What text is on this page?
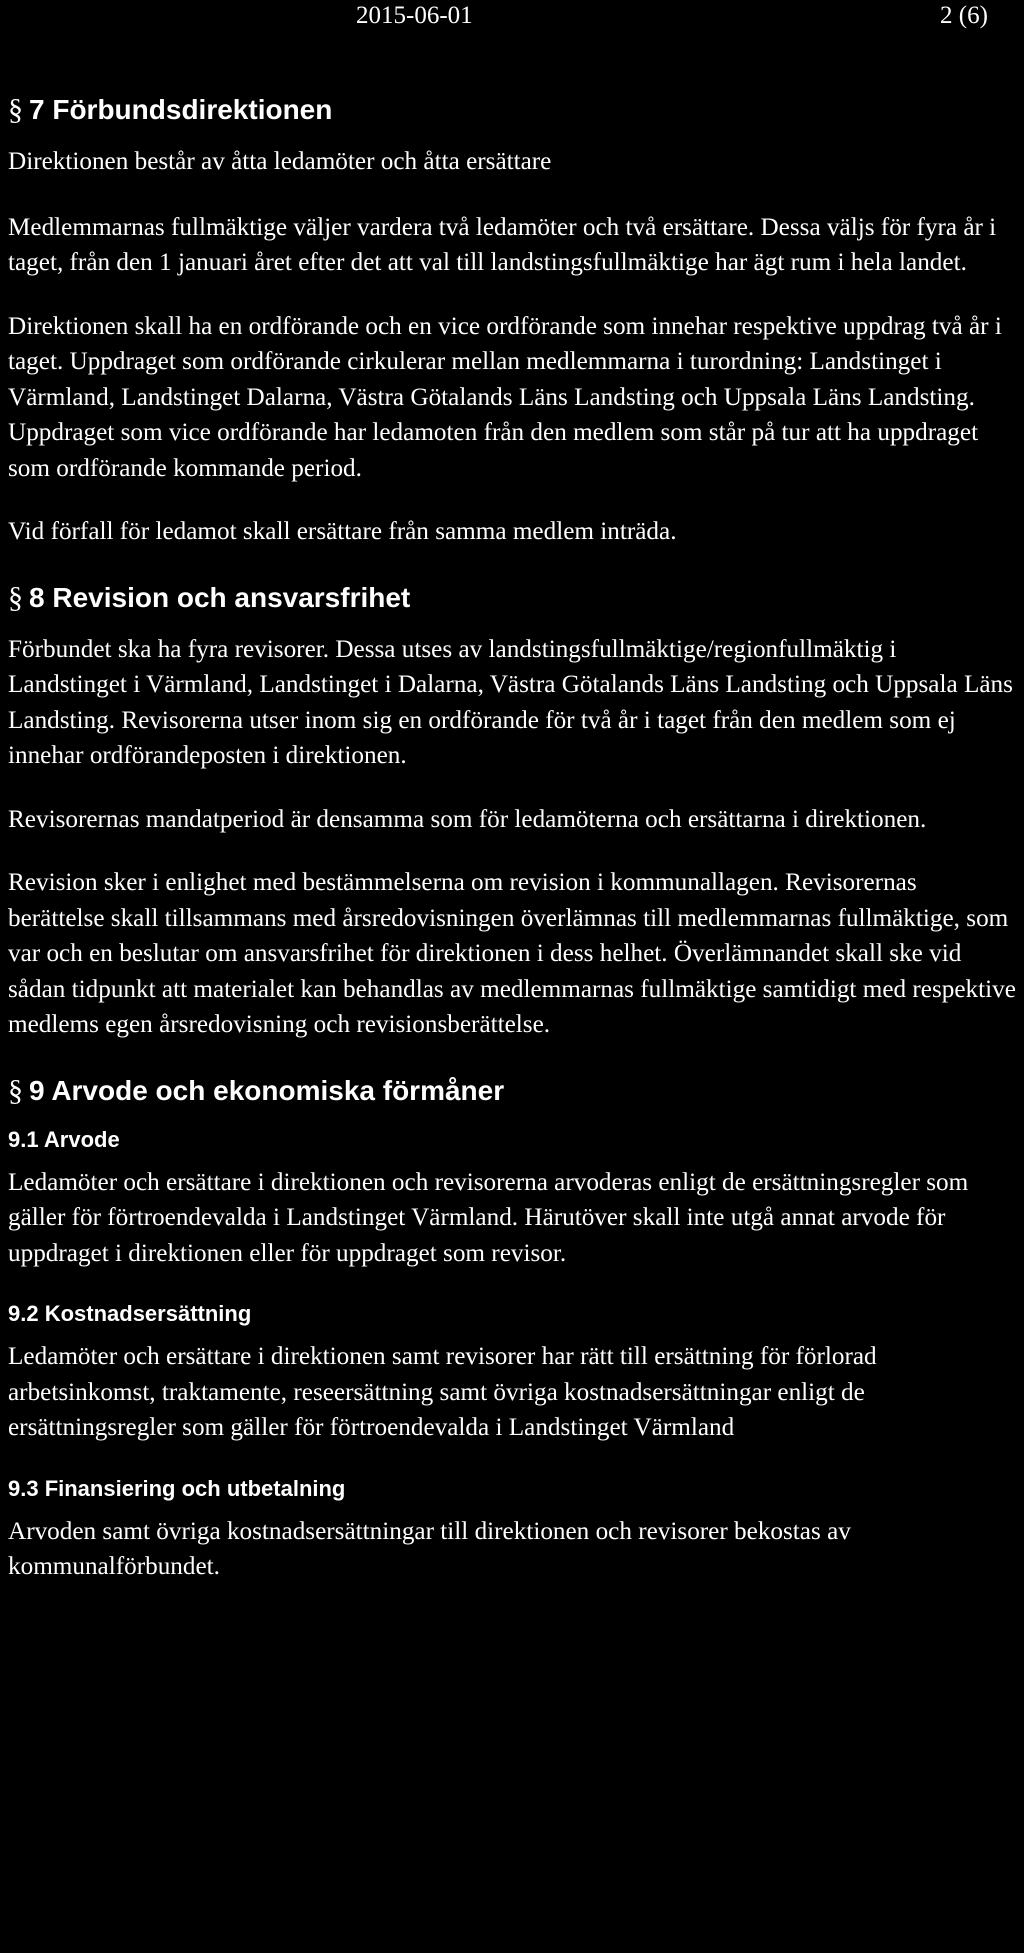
2015-06-01	2 (6)
§ 7 Förbundsdirektionen

Direktionen består av åtta ledamöter och åtta ersättare

Medlemmarnas fullmäktige väljer vardera två ledamöter och två ersättare. Dessa väljs för fyra år i taget, från den 1 januari året efter det att val till landstingsfullmäktige har ägt rum i hela landet.

Direktionen skall ha en ordförande och en vice ordförande som innehar respektive uppdrag två år i taget. Uppdraget som ordförande cirkulerar mellan medlemmarna i turordning: Landstinget i Värmland, Landstinget Dalarna, Västra Götalands Läns Landsting och Uppsala Läns Landsting. Uppdraget som vice ordförande har ledamoten från den medlem som står på tur att ha uppdraget som ordförande kommande period.

Vid förfall för ledamot skall ersättare från samma medlem inträda.

§ 8 Revision och ansvarsfrihet

Förbundet ska ha fyra revisorer. Dessa utses av landstingsfullmäktige/regionfullmäktig i Landstinget i Värmland, Landstinget i Dalarna, Västra Götalands Läns Landsting och Uppsala Läns Landsting. Revisorerna utser inom sig en ordförande för två år i taget från den medlem som ej innehar ordförandeposten i direktionen.

Revisorernas mandatperiod är densamma som för ledamöterna och ersättarna i direktionen.

Revision sker i enlighet med bestämmelserna om revision i kommunallagen. Revisorernas berättelse skall tillsammans med årsredovisningen överlämnas till medlemmarnas fullmäktige, som var och en beslutar om ansvarsfrihet för direktionen i dess helhet. Överlämnandet skall ske vid sådan tidpunkt att materialet kan behandlas av medlemmarnas fullmäktige samtidigt med respektive medlems egen årsredovisning och revisionsberättelse.

§ 9 Arvode och ekonomiska förmåner
9.1 Arvode

Ledamöter och ersättare i direktionen och revisorerna arvoderas enligt de ersättningsregler som gäller för förtroendevalda i Landstinget Värmland. Härutöver skall inte utgå annat arvode för uppdraget i direktionen eller för uppdraget som revisor.

9.2 Kostnadsersättning

Ledamöter och ersättare i direktionen samt revisorer har rätt till ersättning för förlorad arbetsinkomst, traktamente, reseersättning samt övriga kostnadsersättningar enligt de ersättningsregler som gäller för förtroendevalda i Landstinget Värmland

9.3 Finansiering och utbetalning

Arvoden samt övriga kostnadsersättningar till direktionen och revisorer bekostas av kommunalförbundet.
